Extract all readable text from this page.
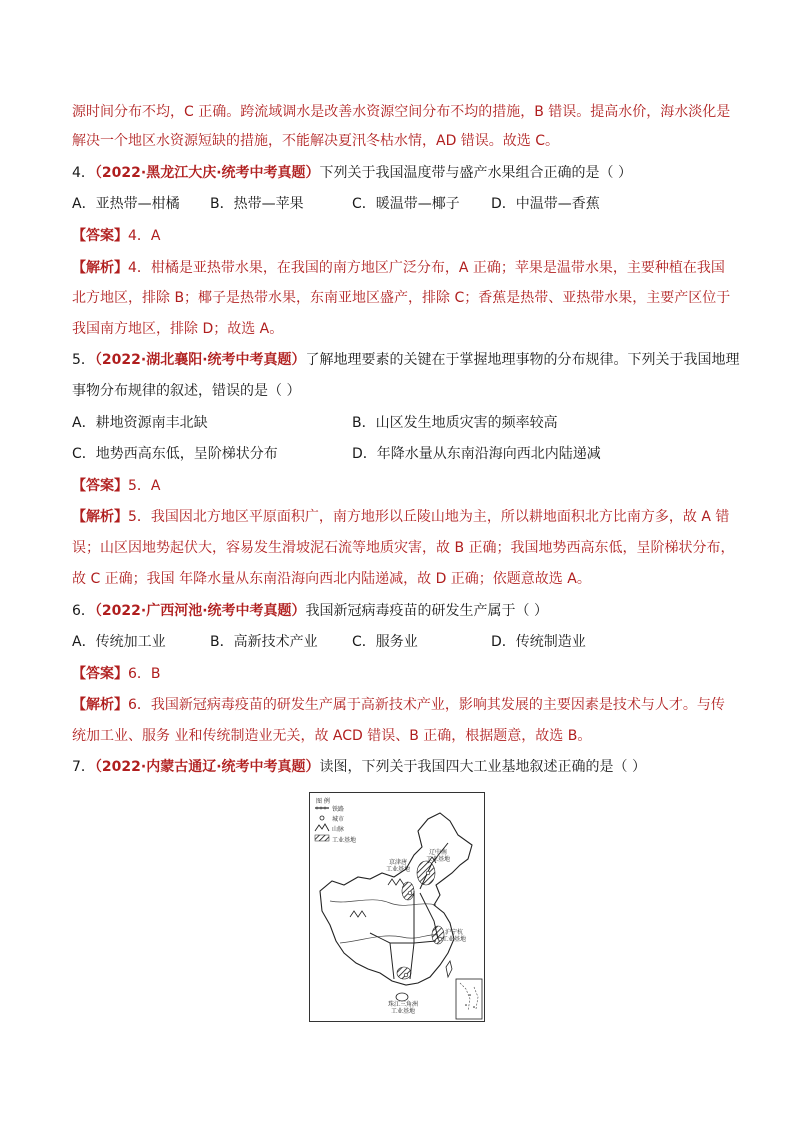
源时间分布不均，C 正确。跨流域调水是改善水资源空间分布不均的措施，B 错误。提高水价，海水淡化是
解决一个地区水资源短缺的措施，不能解决夏汛冬枯水情，AD 错误。故选 C。
4．（2022·黑龙江大庆·统考中考真题）下列关于我国温度带与盛产水果组合正确的是（ ）
A．亚热带—柑橘 B．热带—苹果	C．暖温带—椰子 D．中温带—香蕉
【答案】4．A
【解析】4．柑橘是亚热带水果，在我国的南方地区广泛分布，A 正确；苹果是温带水果，主要种植在我国
北方地区，排除 B；椰子是热带水果，东南亚地区盛产，排除 C；香蕉是热带、亚热带水果，主要产区位于
我国南方地区，排除 D；故选 A。
5．（2022·湖北襄阳·统考中考真题）了解地理要素的关键在于掌握地理事物的分布规律。下列关于我国地理
事物分布规律的叙述，错误的是（ ）
A．耕地资源南丰北缺	B．山区发生地质灾害的频率较高
C．地势西高东低，呈阶梯状分布	D．年降水量从东南沿海向西北内陆递减
【答案】5．A
【解析】5．我国因北方地区平原面积广，南方地形以丘陵山地为主，所以耕地面积北方比南方多，故 A 错
误；山区因地势起伏大，容易发生滑坡泥石流等地质灾害，故 B 正确；我国地势西高东低，呈阶梯状分布，
故 C 正确；我国 年降水量从东南沿海向西北内陆递减，故 D 正确；依题意故选 A。
6．（2022·广西河池·统考中考真题）我国新冠病毒疫苗的研发生产属于（ ）
A．传统加工业	B．高新技术产业 C．服务业	D．传统制造业
【答案】6．B
【解析】6．我国新冠病毒疫苗的研发生产属于高新技术产业，影响其发展的主要因素是技术与人才。与传
统加工业、服务 业和传统制造业无关，故 ACD 错误、B 正确，根据题意，故选 B。
7．（2022·内蒙古通辽·统考中考真题）读图，下列关于我国四大工业基地叙述正确的是（ ）
图 例
铁路
城市
山脉
工业基地
辽中南
工业基地
京津唐
工业基地
沪宁杭
工业基地
珠江三角洲
工业基地
